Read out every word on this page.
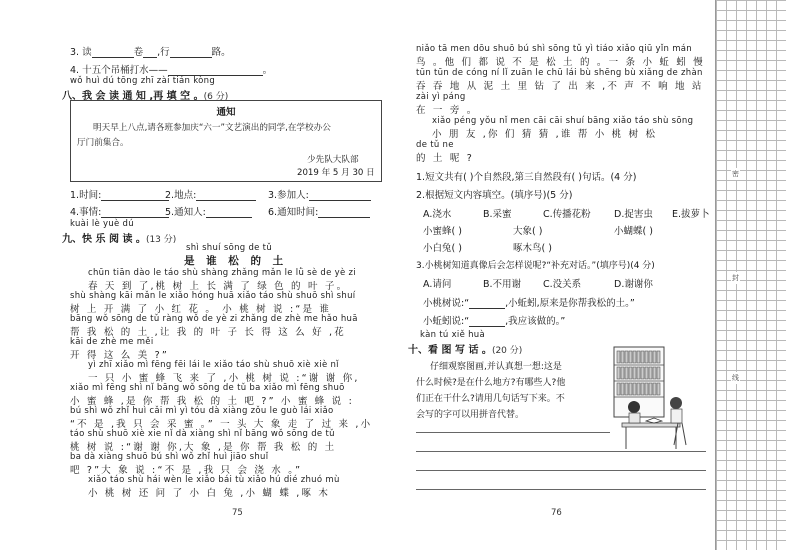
3. 读	卷 ,行	路。
4. 十五个吊桶打水——	。
wǒ huì dú tōng zhī zài tián kòng
八、我 会 读 通 知 ,再 填 空 。(6 分)
通知
明天早上八点,请各班参加庆“六一”文艺演出的同学,在学校办公
厅门前集合。
少先队大队部
2019 年 5 月 30 日
1.时间:	2.地点:	3.参加人:
4.事情:	5.通知人:	6.通知时间:
kuài lè yuè dú
九、快 乐 阅 读 。(13 分)
shì shuí sōng de tǔ
是 谁 松 的 土
chūn tiān dào le táo shù shàng zhǎng mǎn le lǜ sè de yè zi
春 天 到 了,桃 树 上 长 满 了 绿 色 的 叶 子。
shù shàng kāi mǎn le xiǎo hóng huā xiǎo táo shù shuō shì shuí
树 上 开 满 了 小 红 花 。 小 桃 树 说 :“是 谁
bāng wǒ sōng de tǔ ràng wǒ de yè zi zhǎng de zhè me hǎo huā
帮 我 松 的 土 ,让 我 的 叶 子 长 得 这 么 好 ,花
kāi de zhè me měi
开 得 这 么 美 ?”
yì zhī xiǎo mì fēng fēi lái le xiǎo táo shù shuō xiè xiè nǐ
一 只 小 蜜 蜂 飞 来 了 ,小 桃 树 说 :“谢 谢 你,
xiǎo mì fēng shì nǐ bāng wǒ sōng de tǔ ba xiǎo mì fēng shuō
小 蜜 蜂 ,是 你 帮 我 松 的 土 吧 ?” 小 蜜 蜂 说 :
bú shì wǒ zhǐ huì cǎi mì yì tóu dà xiàng zǒu le guò lái xiǎo
“不 是 ,我 只 会 采 蜜 。” 一 头 大 象 走 了 过 来 ,小
táo shù shuō xiè xie nǐ dà xiàng shì nǐ bāng wǒ sōng de tǔ
桃 树 说 :“谢 谢 你,大 象 ,是 你 帮 我 松 的 土
ba dà xiàng shuō bú shì wǒ zhǐ huì jiāo shuǐ
吧 ?”大 象 说 :“不 是 ,我 只 会 浇 水 。”
xiǎo táo shù hái wèn le xiǎo bái tù xiǎo hú dié zhuó mù
小 桃 树 还 问 了 小 白 兔 ,小 蝴 蝶 ,啄 木
75
niǎo tā men dōu shuō bú shì sōng tǔ yì tiáo xiǎo qiū yǐn mán
鸟 。他 们 都 说 不 是 松 土 的 。一 条 小 蚯 蚓 慢
tūn tūn de cóng ní lǐ zuān le chū lái bù shēng bù xiǎng de zhàn
吞 吞 地 从 泥 土 里 钻 了 出 来 ,不 声 不 响 地 站
zài yì páng
在 一 旁 。
xiǎo péng yǒu nǐ men cāi cāi shuí bāng xiǎo táo shù sōng
小 朋 友 ,你 们 猜 猜 ,谁 帮 小 桃 树 松
de tǔ ne
的 土 呢 ?
1.短文共有( )个自然段,第三自然段有( )句话。(4 分)
2.根据短文内容填空。(填序号)(5 分)
A.浇水	B.采蜜	C.传播花粉 D.捉害虫 E.拔萝卜
小蜜蜂( )	大象( )	小蝴蝶( )
小白兔( )	啄木鸟( )
3.小桃树知道真像后会怎样说呢?“补充对话。”(填序号)(4 分)
A.请问	B.不用谢 C.没关系	D.谢谢你
小桃树说:“	,小蚯蚓,原来是你帮我松的土。”
小蚯蚓说:“	,我应该做的。”
kàn tú xiě huà
十、看 图 写 话 。(20 分)
仔细观察图画,并认真想一想:这是
什么时候?是在什么地方?有哪些人?他
们正在干什么?请用几句话写下来。不
会写的字可以用拼音代替。
76
密
封
线
